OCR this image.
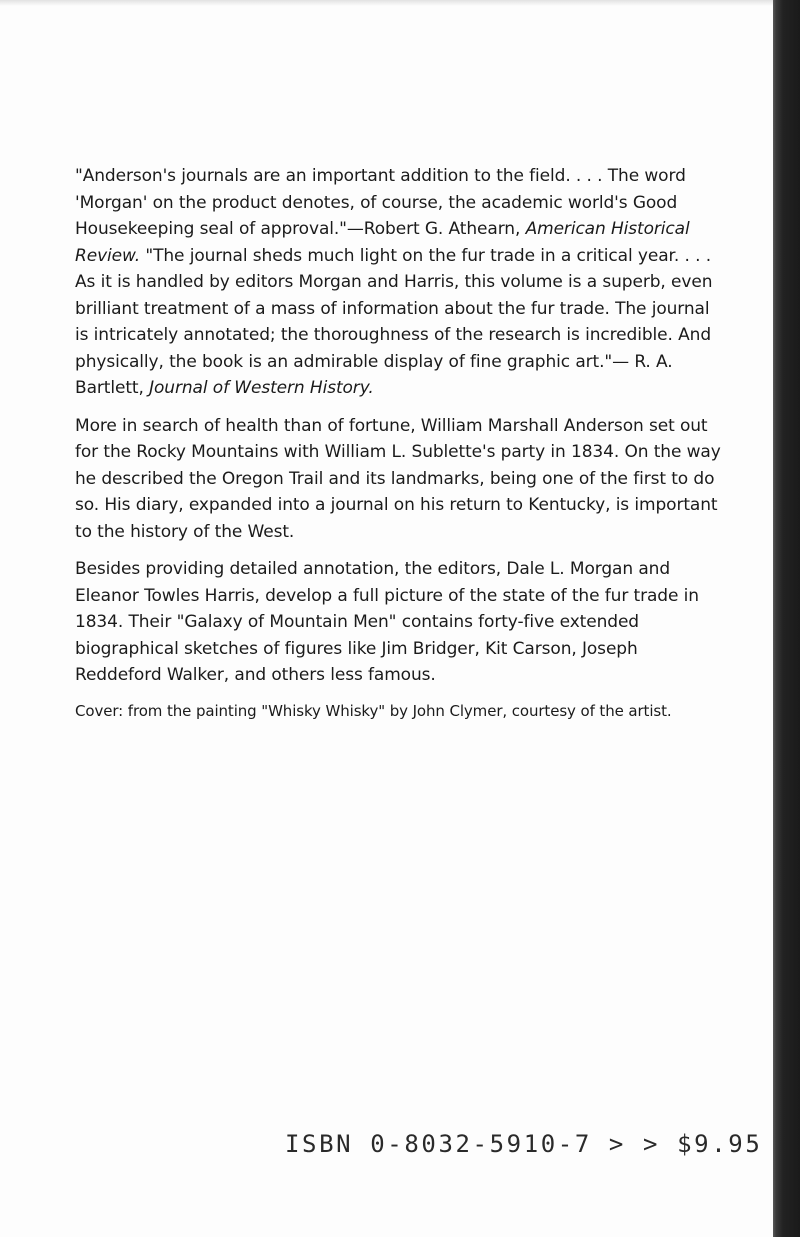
"Anderson's journals are an important addition to the field. . . . The word 'Morgan' on the product denotes, of course, the academic world's Good Housekeeping seal of approval."—Robert G. Athearn, American Historical Review. "The journal sheds much light on the fur trade in a critical year. . . . As it is handled by editors Morgan and Harris, this volume is a superb, even brilliant treatment of a mass of information about the fur trade. The journal is intricately annotated; the thoroughness of the research is incredible. And physically, the book is an admirable display of fine graphic art."— R. A. Bartlett, Journal of Western History.

More in search of health than of fortune, William Marshall Anderson set out for the Rocky Mountains with William L. Sublette's party in 1834. On the way he described the Oregon Trail and its landmarks, being one of the first to do so. His diary, expanded into a journal on his return to Kentucky, is important to the history of the West.

Besides providing detailed annotation, the editors, Dale L. Morgan and Eleanor Towles Harris, develop a full picture of the state of the fur trade in 1834. Their "Galaxy of Mountain Men" contains forty-five extended biographical sketches of figures like Jim Bridger, Kit Carson, Joseph Reddeford Walker, and others less famous.

Cover: from the painting "Whisky Whisky" by John Clymer, courtesy of the artist.

ISBN 0-8032-5910-7 > > $9.95
